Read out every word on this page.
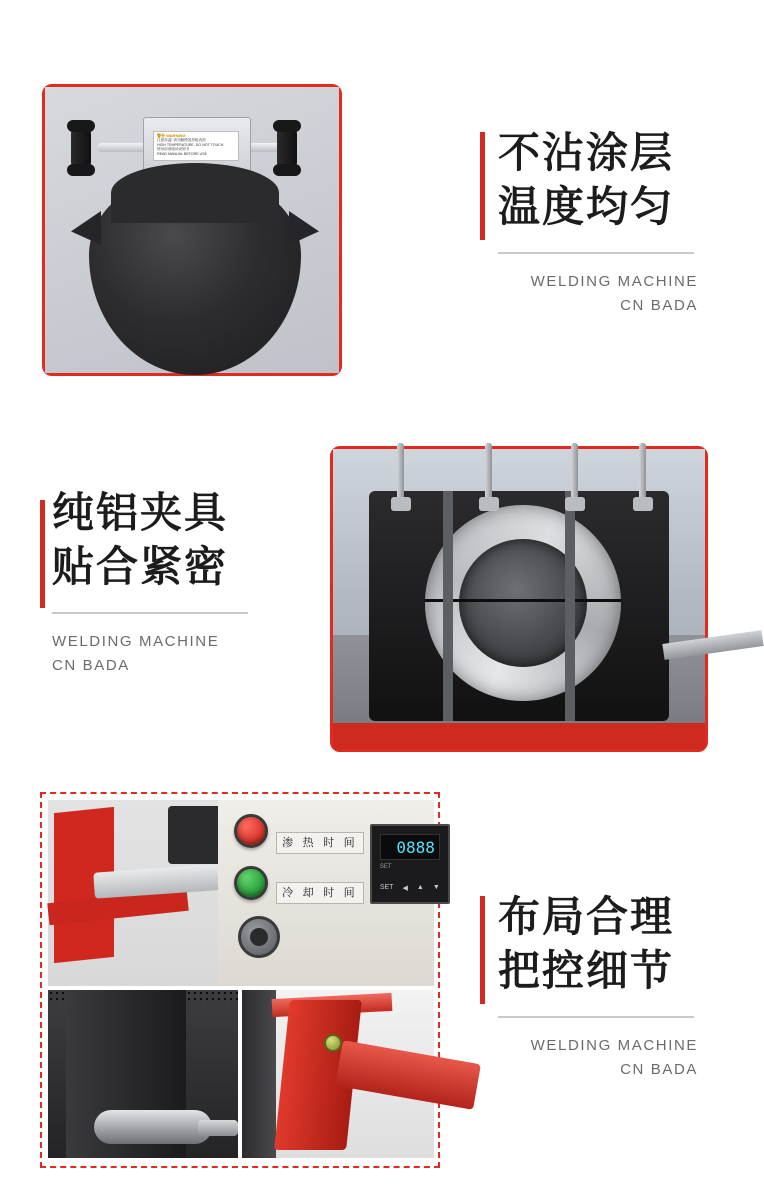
警告 WARNING
注意高温! 请勿触摸加热板表面
HIGH TEMPERATURE. DO NOT TOUCH.
使用前请阅读说明书
READ MANUAL BEFORE USE	不沾涂层
温度均匀
WELDING MACHINE
CN BADA
纯铝夹具
贴合紧密
WELDING MACHINE
CN BADA
渗 热 时 间
冷 却 时 间
0888
SET
SET ◀ ▲ ▼
布局合理
把控细节
WELDING MACHINE
CN BADA
